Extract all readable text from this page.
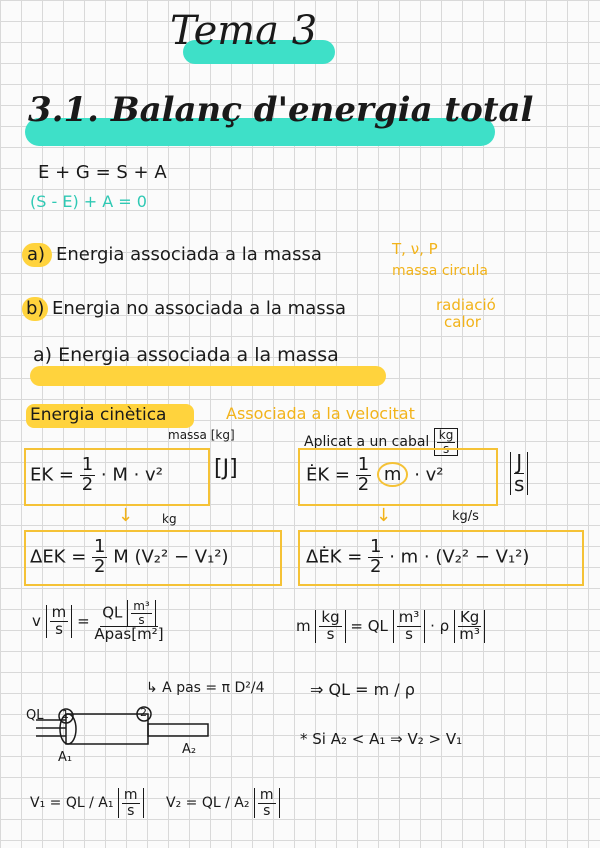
Tema 3
3.1. Balanç d'energia total
E + G = S + A
(S - E) + A = 0
a) Energia associada a la massa	T, ν, P
massa circula
b) Energia no associada a la massa	radiació
calor
a) Energia associada a la massa
Energia cinètica	Associada a la velocitat
massa [kg]
EK = $\frac{1}{2} \cdot M \cdot v^2$ [J]
↓ kg
$\Delta EK = \frac{1}{2}$ M (V₂² − V₁²)
Aplicat a un cabal $\frac{kg}{s}$
ĖK = $\frac{1}{2}$ m · v²	$\frac{J}{s}$
↓	kg/s
ΔĖK = $\frac{1}{2} \cdot m \cdot (V_2^2 - V_1^2)$
v $\frac{m}{s} = \frac{QL \frac{\text{m³}}{s}}{\text{Apas[m²]}}$
↳ A pas = π D²/4
m $\frac{kg}{s}$ = QL $\frac{\text{m³}}{s} \cdot \rho \frac{Kg}{\text{m³}}$
⇒ QL = m / ρ
QL 1	2
A₁
A₂
* Si A₂ < A₁ ⇒ V₂ > V₁
V₁ = QL / $A_1 \frac{m}{s} V_2$ = QL / $A_2 \frac{m}{s}$
